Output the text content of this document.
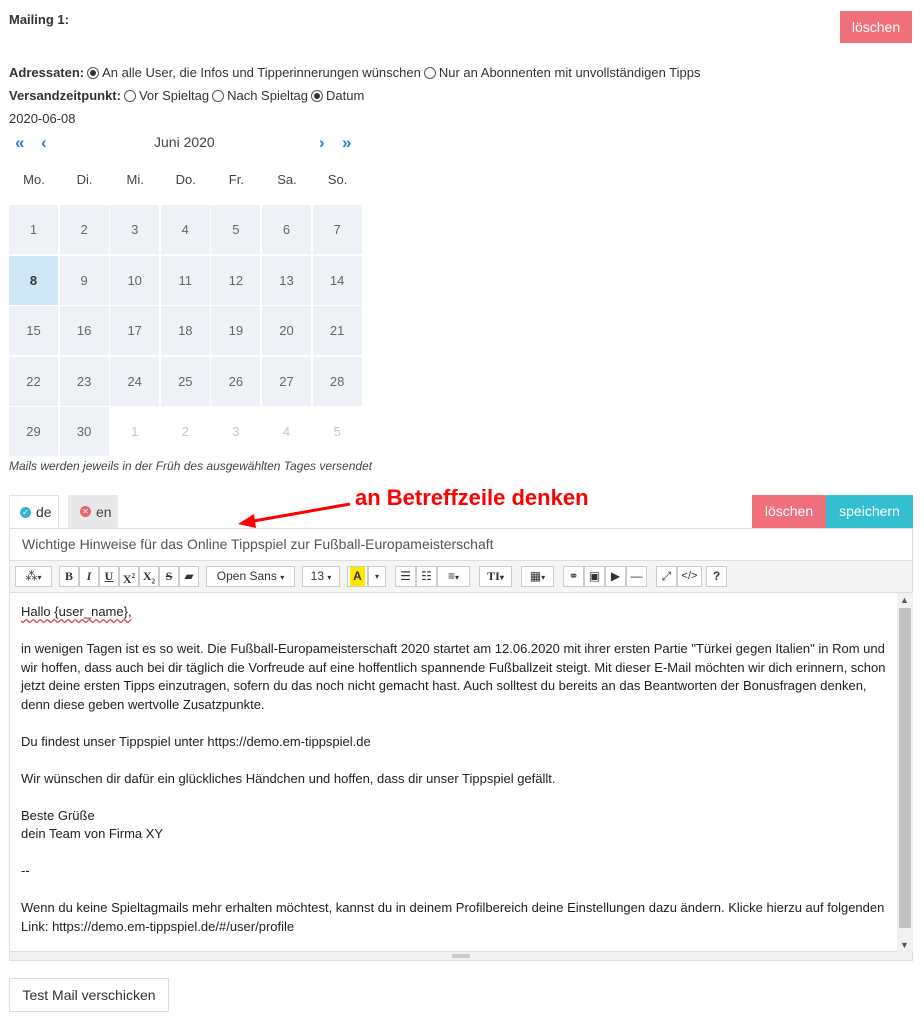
Mailing 1:	löschen
Adressaten: An alle User, die Infos und Tipperinnerungen wünschen Nur an Abonnenten mit unvollständigen Tipps
Versandzeitpunkt: Vor Spieltag Nach Spieltag Datum
2020-06-08
« ‹	Juni 2020	› »
Mo.	Di.	Mi.	Do.	Fr.	Sa.	So.
1	2	3	4	5	6	7
8	9	10	11	12	13	14
15	16	17	18	19	20	21
22	23	24	25	26	27	28
29	30	1	2	3	4	5
Mails werden jeweils in der Früh des ausgewählten Tages versendet
✓ de	✕ en	löschen	speichern
an Betreffzeile denken
Wichtige Hinweise für das Online Tippspiel zur Fußball-Europameisterschaft
⁂▾	B	I	U $X^2$ $X_2$ S	▰	Open Sans ▾	13 ▾	A	▾	☰ ☷	≡▾	TI▾	▦▾	⚭ ▣ ▶ —	⤢ </>	?

Hallo {user_name},

in wenigen Tagen ist es so weit. Die Fußball-Europameisterschaft 2020 startet am 12.06.2020 mit ihrer ersten Partie "Türkei gegen Italien" in Rom und wir hoffen, dass auch bei dir täglich die Vorfreude auf eine hoffentlich spannende Fußballzeit steigt. Mit dieser E-Mail möchten wir dich erinnern, schon jetzt deine ersten Tipps einzutragen, sofern du das noch nicht gemacht hast. Auch solltest du bereits an das Beantworten der Bonusfragen denken, denn diese geben wertvolle Zusatzpunkte.

Du findest unser Tippspiel unter https://demo.em-tippspiel.de

Wir wünschen dir dafür ein glückliches Händchen und hoffen, dass dir unser Tippspiel gefällt.

Beste Grüße

dein Team von Firma XY

--

Wenn du keine Spieltagmails mehr erhalten möchtest, kannst du in deinem Profilbereich deine Einstellungen dazu ändern. Klicke hierzu auf folgenden Link: https://demo.em-tippspiel.de/#/user/profile

▲
▼
Test Mail verschicken
